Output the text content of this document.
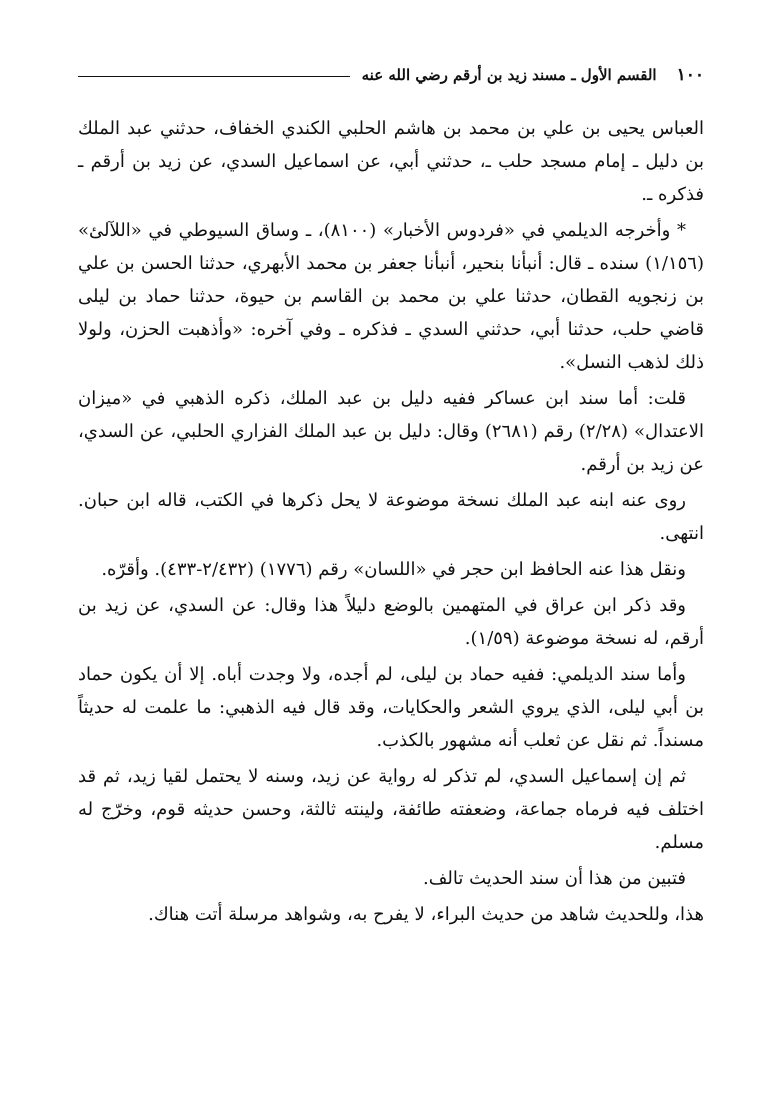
١٠٠
القسم الأول ـ مسند زيد بن أرقم رضي الله عنه

العباس يحيى بن علي بن محمد بن هاشم الحلبي الكندي الخفاف، حدثني عبد الملك بن دليل ـ إمام مسجد حلب ـ، حدثني أبي، عن اسماعيل السدي، عن زيد بن أرقم ـ فذكره ـ.

* وأخرجه الديلمي في «فردوس الأخبار» (٨١٠٠)، ـ وساق السيوطي في «اللآلئ» (١/١٥٦) سنده ـ قال: أنبأنا بنحير، أنبأنا جعفر بن محمد الأبهري، حدثنا الحسن بن علي بن زنجويه القطان، حدثنا علي بن محمد بن القاسم بن حيوة، حدثنا حماد بن ليلى قاضي حلب، حدثنا أبي، حدثني السدي ـ فذكره ـ وفي آخره: «وأذهبت الحزن، ولولا ذلك لذهب النسل».

قلت: أما سند ابن عساكر ففيه دليل بن عبد الملك، ذكره الذهبي في «ميزان الاعتدال» (٢/٢٨) رقم (٢٦٨١) وقال: دليل بن عبد الملك الفزاري الحلبي، عن السدي، عن زيد بن أرقم.

روى عنه ابنه عبد الملك نسخة موضوعة لا يحل ذكرها في الكتب، قاله ابن حبان. انتهى.

ونقل هذا عنه الحافظ ابن حجر في «اللسان» رقم (١٧٧٦) (٢/٤٣٢-٤٣٣). وأقرّه.

وقد ذكر ابن عراق في المتهمين بالوضع دليلاً هذا وقال: عن السدي، عن زيد بن أرقم، له نسخة موضوعة (١/٥٩).

وأما سند الديلمي: ففيه حماد بن ليلى، لم أجده، ولا وجدت أباه. إلا أن يكون حماد بن أبي ليلى، الذي يروي الشعر والحكايات، وقد قال فيه الذهبي: ما علمت له حديثاً مسنداً. ثم نقل عن ثعلب أنه مشهور بالكذب.

ثم إن إسماعيل السدي، لم تذكر له رواية عن زيد، وسنه لا يحتمل لقيا زيد، ثم قد اختلف فيه فرماه جماعة، وضعفته طائفة، ولينته ثالثة، وحسن حديثه قوم، وخرّج له مسلم.

فتبين من هذا أن سند الحديث تالف.

هذا، وللحديث شاهد من حديث البراء، لا يفرح به، وشواهد مرسلة أتت هناك.
